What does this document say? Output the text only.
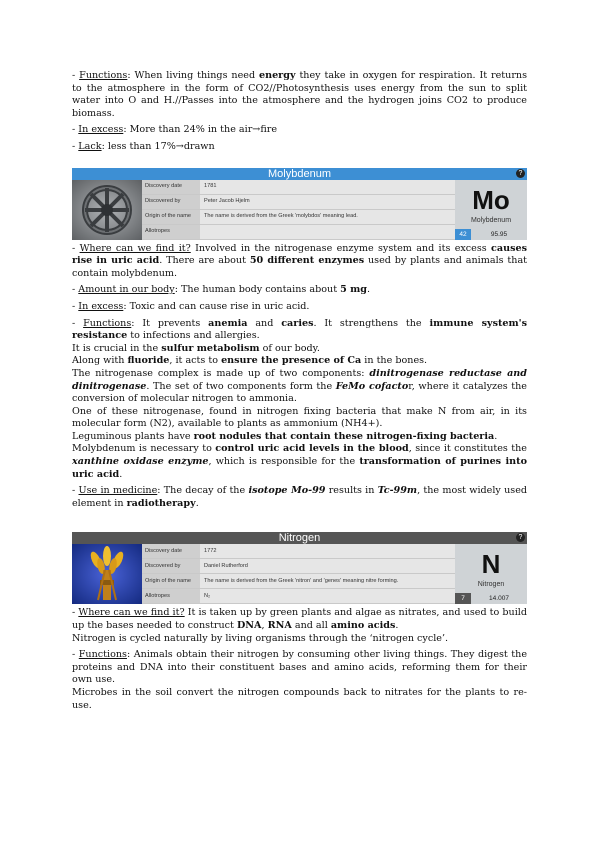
- Functions: When living things need energy they take in oxygen for respiration. It returns to the atmosphere in the form of CO2//Photosynthesis uses energy from the sun to split water into O and H.//Passes into the atmosphere and the hydrogen joins CO2 to produce biomass.

- In excess: More than 24% in the air→fire

- Lack: less than 17%→drawn

Molybdenum	?
Discovery date	1781
Discovered by	Peter Jacob Hjelm
Origin of the name	The name is derived from the Greek 'molybdos' meaning lead.
Allotropes
Mo
Molybdenum
42	95.95

- Where can we find it? Involved in the nitrogenase enzyme system and its excess causes rise in uric acid. There are about 50 different enzymes used by plants and animals that contain molybdenum.

- Amount in our body: The human body contains about 5 mg.

- In excess: Toxic and can cause rise in uric acid.

- Functions: It prevents anemia and caries. It strengthens the immune system's resistance to infections and allergies.

It is crucial in the sulfur metabolism of our body.

Along with fluoride, it acts to ensure the presence of Ca in the bones.

The nitrogenase complex is made up of two components: dinitrogenase reductase and dinitrogenase. The set of two components form the FeMo cofactor, where it catalyzes the conversion of molecular nitrogen to ammonia.

One of these nitrogenase, found in nitrogen fixing bacteria that make N from air, in its molecular form (N2), available to plants as ammonium (NH4+).

Leguminous plants have root nodules that contain these nitrogen-fixing bacteria.

Molybdenum is necessary to control uric acid levels in the blood, since it constitutes the xanthine oxidase enzyme, which is responsible for the transformation of purines into uric acid.

- Use in medicine: The decay of the isotope Mo-99 results in Tc-99m, the most widely used element in radiotherapy.

Nitrogen	?
Discovery date	1772
Discovered by	Daniel Rutherford
Origin of the name	The name is derived from the Greek 'nitron' and 'genes' meaning nitre forming.
Allotropes	N₂
N
Nitrogen
7	14.007

- Where can we find it? It is taken up by green plants and algae as nitrates, and used to build up the bases needed to construct DNA, RNA and all amino acids.

Nitrogen is cycled naturally by living organisms through the ‘nitrogen cycle’.

- Functions: Animals obtain their nitrogen by consuming other living things. They digest the proteins and DNA into their constituent bases and amino acids, reforming them for their own use.

Microbes in the soil convert the nitrogen compounds back to nitrates for the plants to re-use.
